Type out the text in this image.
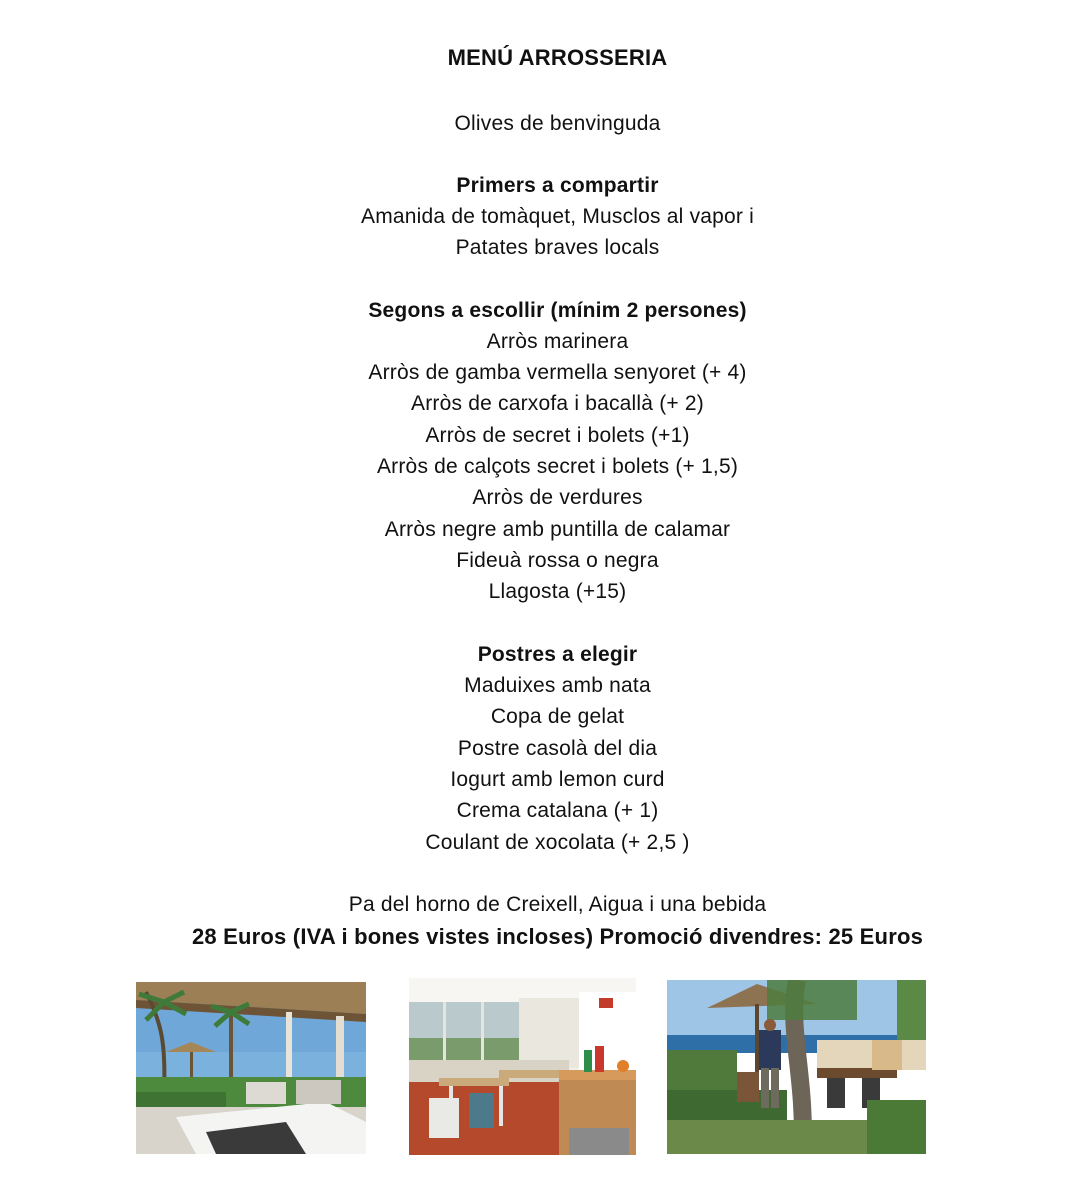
MENÚ ARROSSERIA
Olives de benvinguda
Primers a compartir
Amanida de tomàquet, Musclos al vapor i
Patates braves locals
Segons a escollir (mínim 2 persones)
Arròs marinera
Arròs de gamba vermella senyoret (+ 4)
Arròs de carxofa i bacallà (+ 2)
Arròs de secret i bolets (+1)
Arròs de calçots secret i bolets (+ 1,5)
Arròs de verdures
Arròs negre amb puntilla de calamar
Fideuà rossa o negra
Llagosta (+15)
Postres a elegir
Maduixes amb nata
Copa de gelat
Postre casolà del dia
Iogurt amb lemon curd
Crema catalana (+ 1)
Coulant de xocolata (+ 2,5 )
Pa del horno de Creixell, Aigua i una bebida
28 Euros (IVA i bones vistes incloses) Promoció divendres: 25 Euros
